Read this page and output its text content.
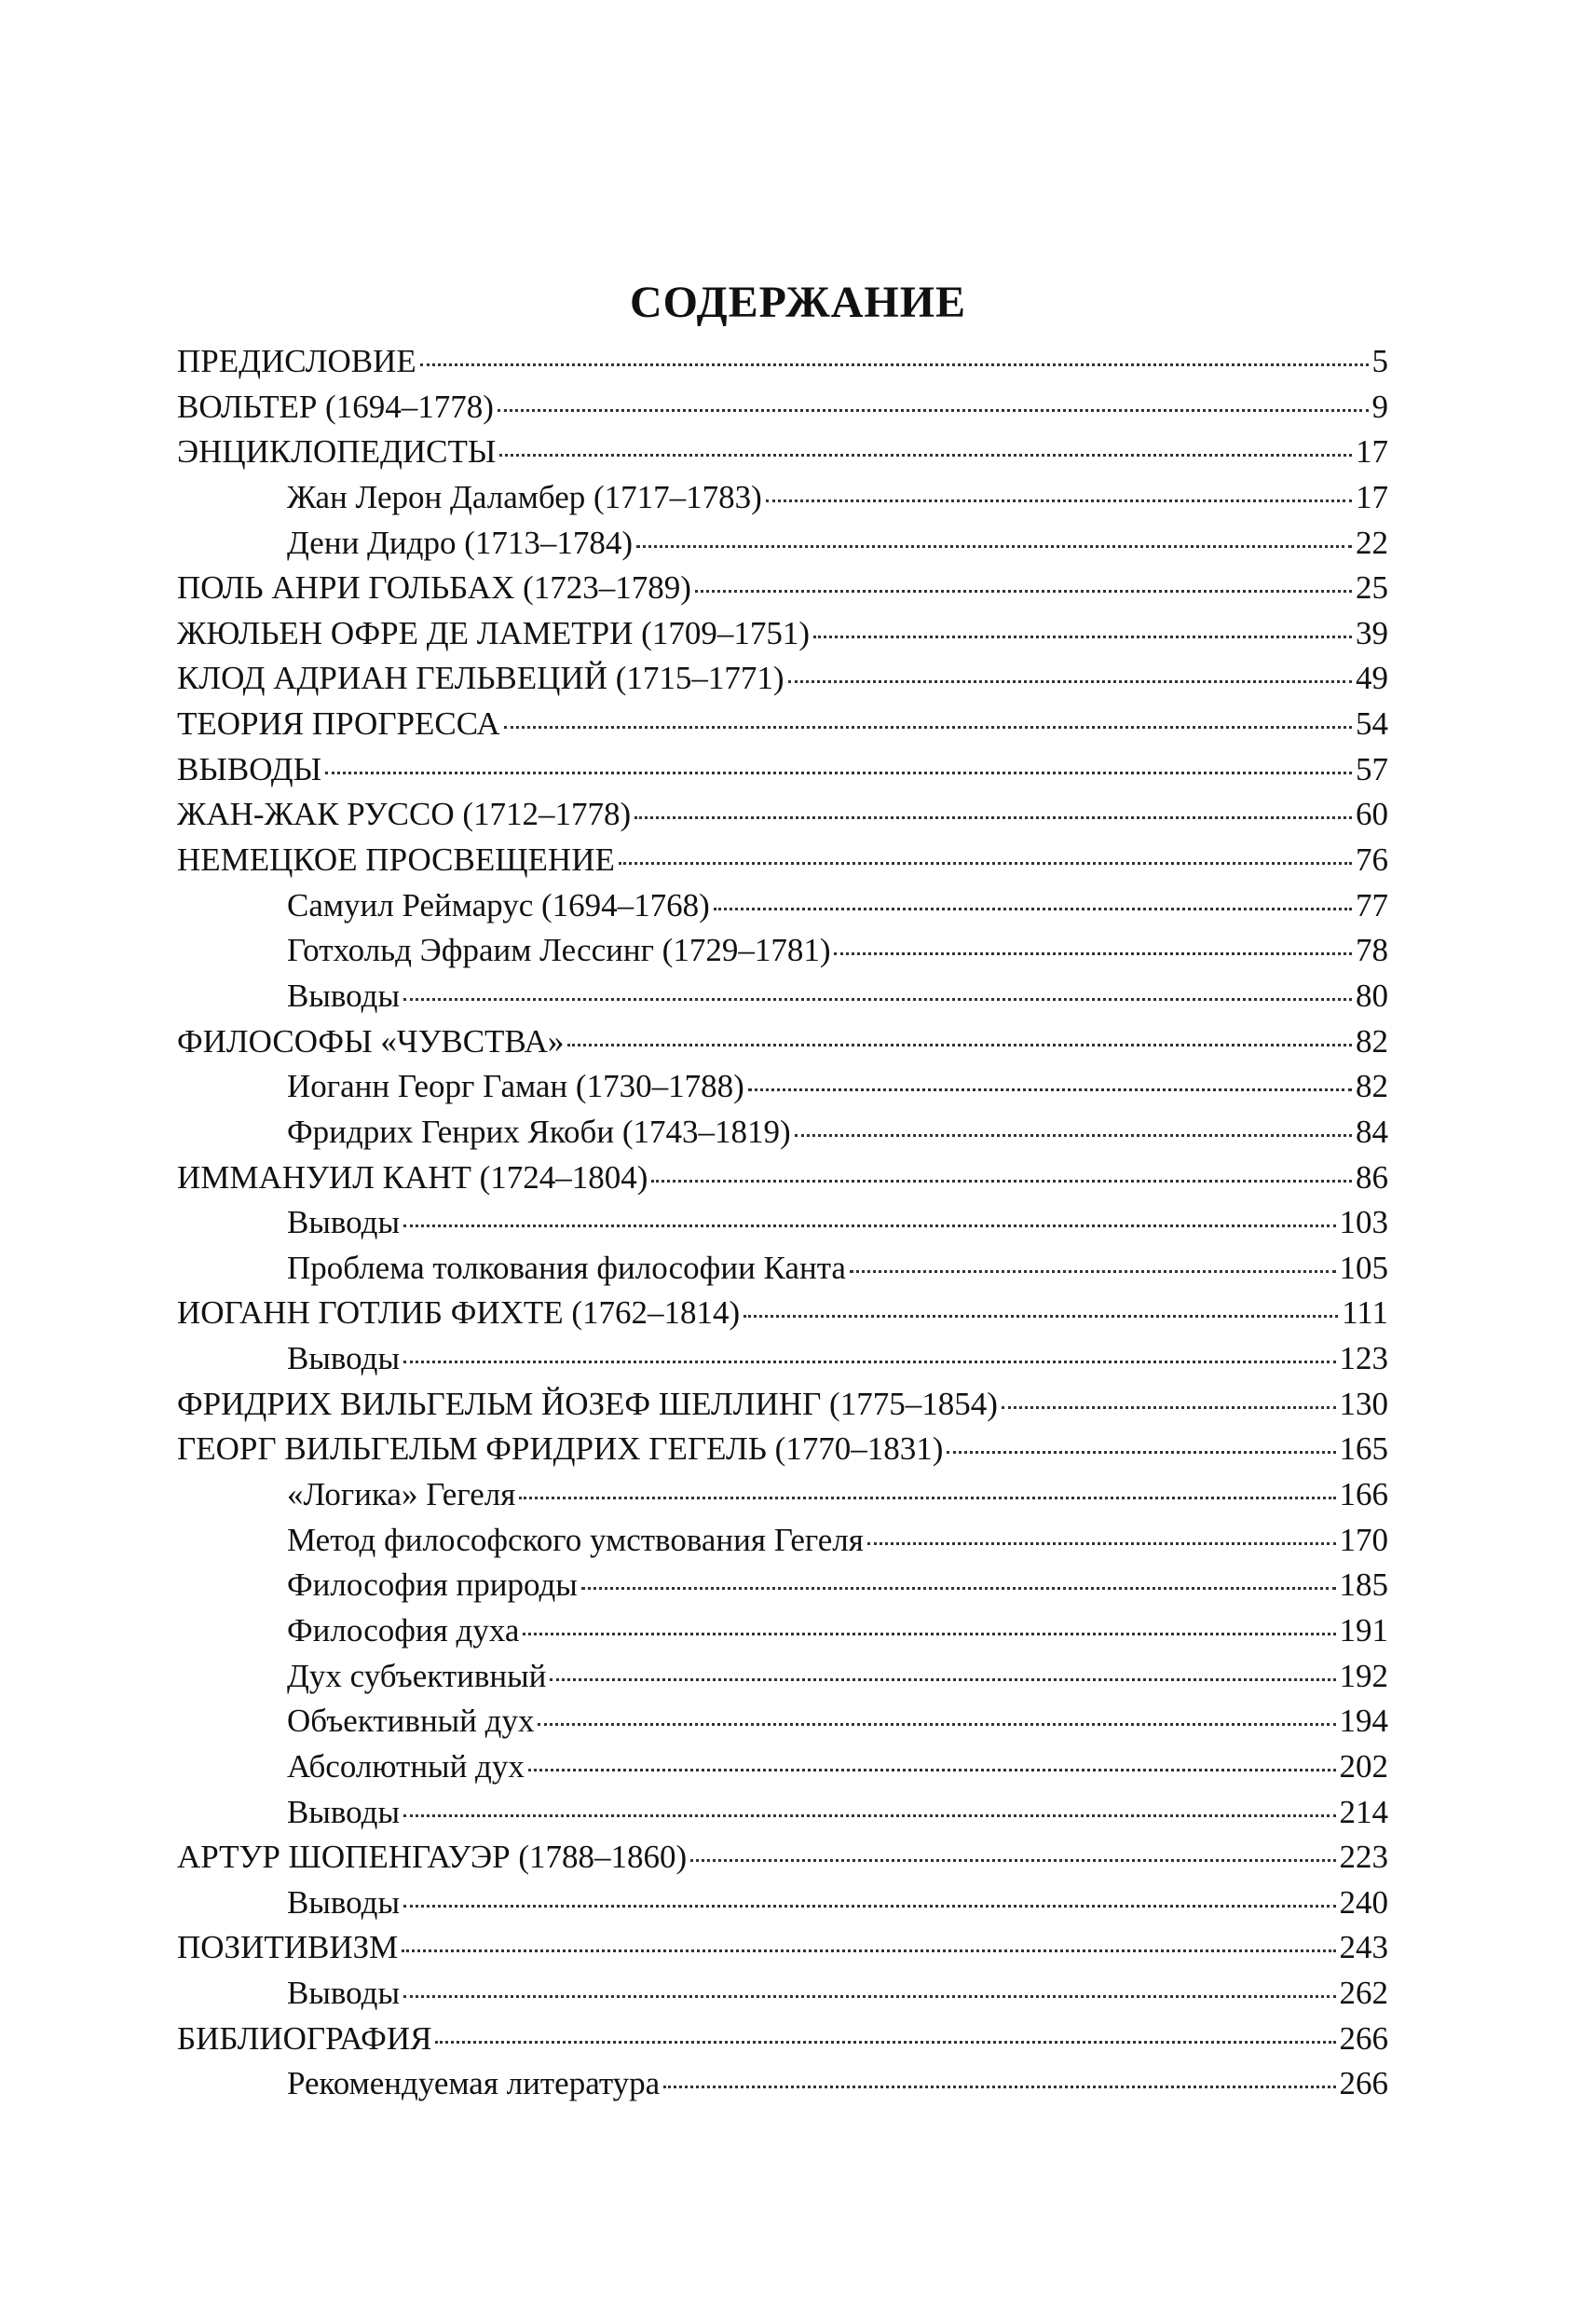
СОДЕРЖАНИЕ
ПРЕДИСЛОВИЕ	5
ВОЛЬТЕР (1694–1778)	9
ЭНЦИКЛОПЕДИСТЫ	17
Жан Лерон Даламбер (1717–1783)	17
Дени Дидро (1713–1784)	22
ПОЛЬ АНРИ ГОЛЬБАХ (1723–1789)	25
ЖЮЛЬЕН ОФРЕ ДЕ ЛАМЕТРИ (1709–1751)	39
КЛОД АДРИАН ГЕЛЬВЕЦИЙ (1715–1771)	49
ТЕОРИЯ ПРОГРЕССА	54
ВЫВОДЫ	57
ЖАН-ЖАК РУССО (1712–1778)	60
НЕМЕЦКОЕ ПРОСВЕЩЕНИЕ	76
Самуил Реймарус (1694–1768)	77
Готхольд Эфраим Лессинг (1729–1781)	78
Выводы	80
ФИЛОСОФЫ «ЧУВСТВА»	82
Иоганн Георг Гаман (1730–1788)	82
Фридрих Генрих Якоби (1743–1819)	84
ИММАНУИЛ КАНТ (1724–1804)	86
Выводы	103
Проблема толкования философии Канта	105
ИОГАНН ГОТЛИБ ФИХТЕ (1762–1814)	111
Выводы	123
ФРИДРИХ ВИЛЬГЕЛЬМ ЙОЗЕФ ШЕЛЛИНГ (1775–1854)	130
ГЕОРГ ВИЛЬГЕЛЬМ ФРИДРИХ ГЕГЕЛЬ (1770–1831)	165
«Логика» Гегеля	166
Метод философского умствования Гегеля	170
Философия природы	185
Философия духа	191
Дух субъективный	192
Объективный дух	194
Абсолютный дух	202
Выводы	214
АРТУР ШОПЕНГАУЭР (1788–1860)	223
Выводы	240
ПОЗИТИВИЗМ	243
Выводы	262
БИБЛИОГРАФИЯ	266
Рекомендуемая литература	266
